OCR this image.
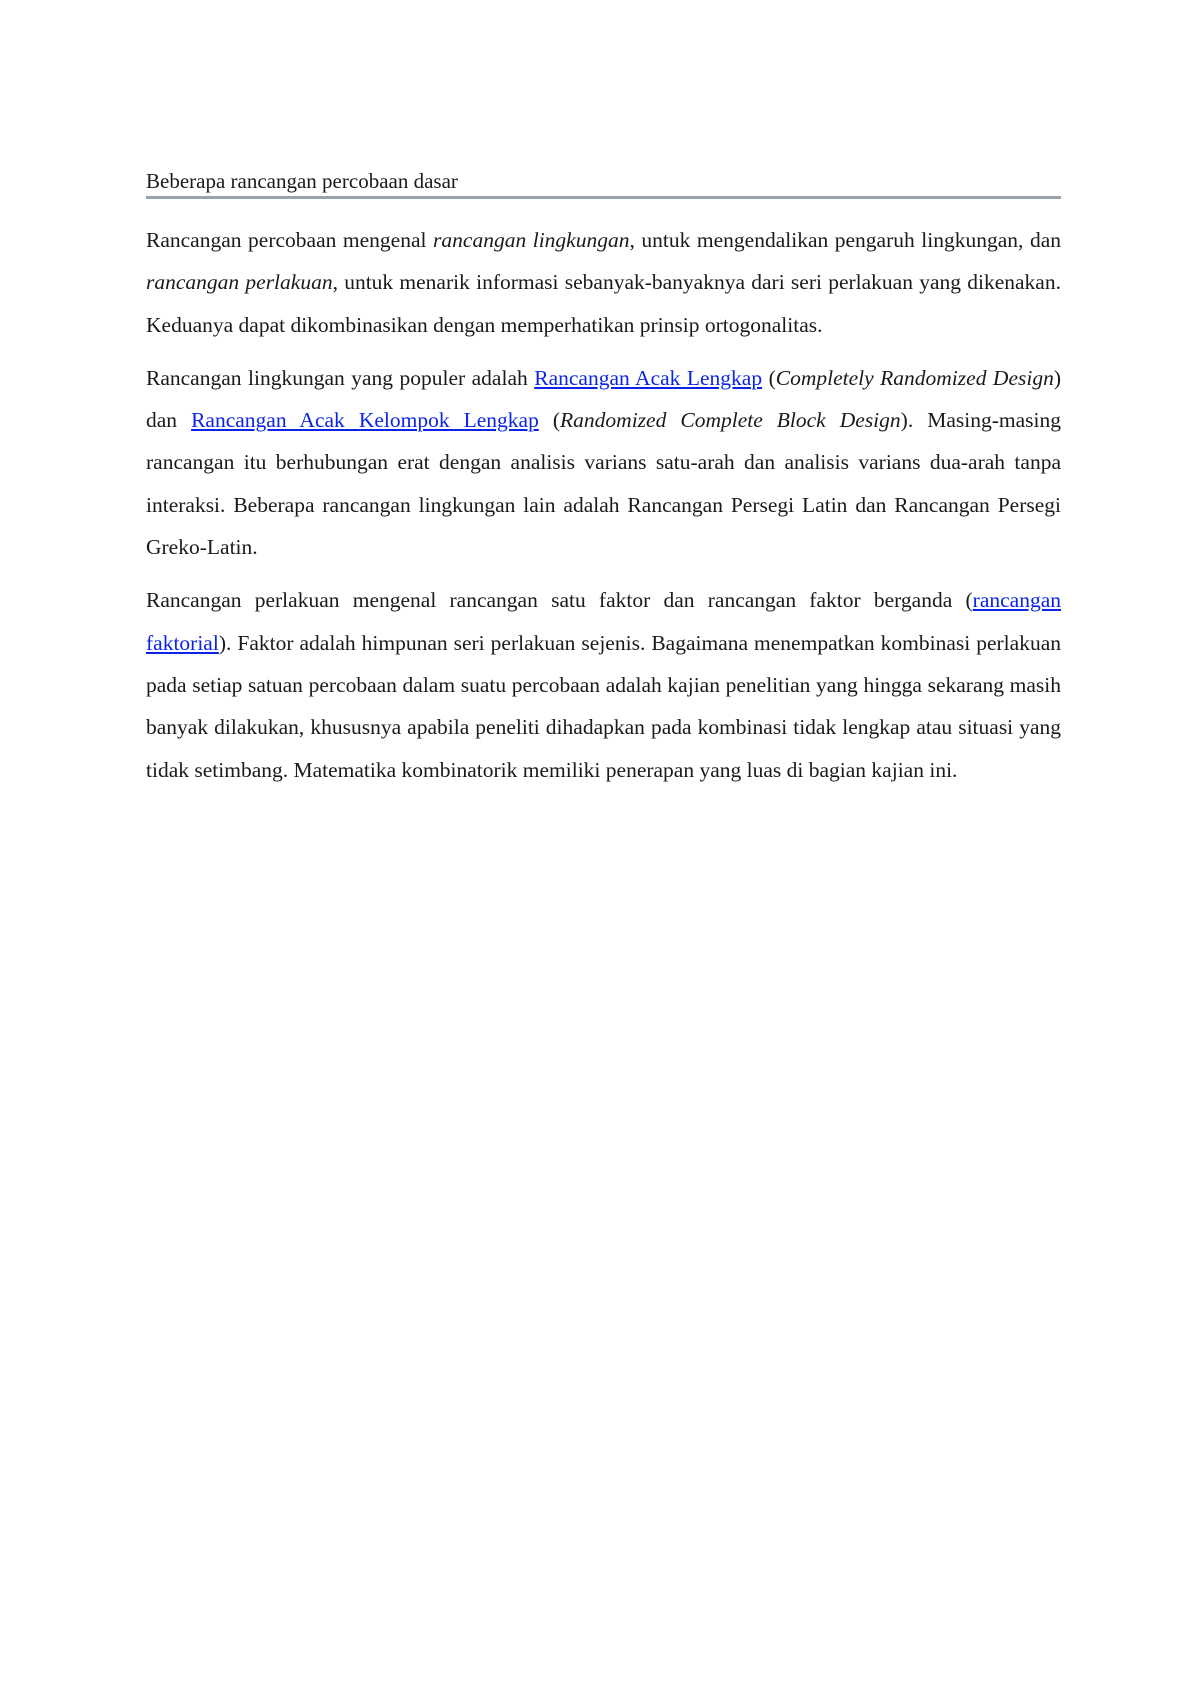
Beberapa rancangan percobaan dasar

Rancangan percobaan mengenal rancangan lingkungan, untuk mengendalikan pengaruh lingkungan, dan rancangan perlakuan, untuk menarik informasi sebanyak-banyaknya dari seri perlakuan yang dikenakan. Keduanya dapat dikombinasikan dengan memperhatikan prinsip ortogonalitas.

Rancangan lingkungan yang populer adalah Rancangan Acak Lengkap (Completely Randomized Design) dan Rancangan Acak Kelompok Lengkap (Randomized Complete Block Design). Masing-masing rancangan itu berhubungan erat dengan analisis varians satu-arah dan analisis varians dua-arah tanpa interaksi. Beberapa rancangan lingkungan lain adalah Rancangan Persegi Latin dan Rancangan Persegi Greko-Latin.

Rancangan perlakuan mengenal rancangan satu faktor dan rancangan faktor berganda (rancangan faktorial). Faktor adalah himpunan seri perlakuan sejenis. Bagaimana menempatkan kombinasi perlakuan pada setiap satuan percobaan dalam suatu percobaan adalah kajian penelitian yang hingga sekarang masih banyak dilakukan, khususnya apabila peneliti dihadapkan pada kombinasi tidak lengkap atau situasi yang tidak setimbang. Matematika kombinatorik memiliki penerapan yang luas di bagian kajian ini.
